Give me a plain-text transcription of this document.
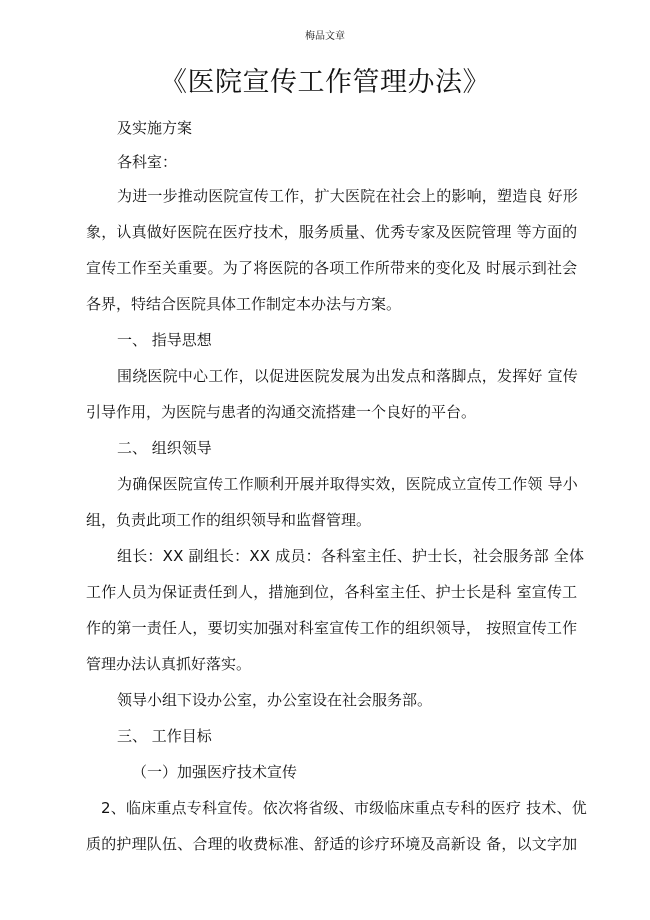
梅品文章
《医院宣传工作管理办法》
及实施方案
各科室：
为进一步推动医院宣传工作，扩大医院在社会上的影响，塑造良 好形
象，认真做好医院在医疗技术，服务质量、优秀专家及医院管理 等方面的
宣传工作至关重要。为了将医院的各项工作所带来的变化及 时展示到社会
各界，特结合医院具体工作制定本办法与方案。
一、 指导思想
围绕医院中心工作，以促进医院发展为出发点和落脚点，发挥好 宣传
引导作用，为医院与患者的沟通交流搭建一个良好的平台。
二、 组织领导
为确保医院宣传工作顺利开展并取得实效，医院成立宣传工作领 导小
组，负责此项工作的组织领导和监督管理。
组长：XX 副组长：XX 成员：各科室主任、护士长，社会服务部 全体
工作人员为保证责任到人，措施到位，各科室主任、护士长是科 室宣传工
作的第一责任人，要切实加强对科室宣传工作的组织领导， 按照宣传工作
管理办法认真抓好落实。
领导小组下设办公室，办公室设在社会服务部。
三、 工作目标
（一）加强医疗技术宣传
2、临床重点专科宣传。依次将省级、市级临床重点专科的医疗 技术、优
质的护理队伍、合理的收费标准、舒适的诊疗环境及高新设 备，以文字加
